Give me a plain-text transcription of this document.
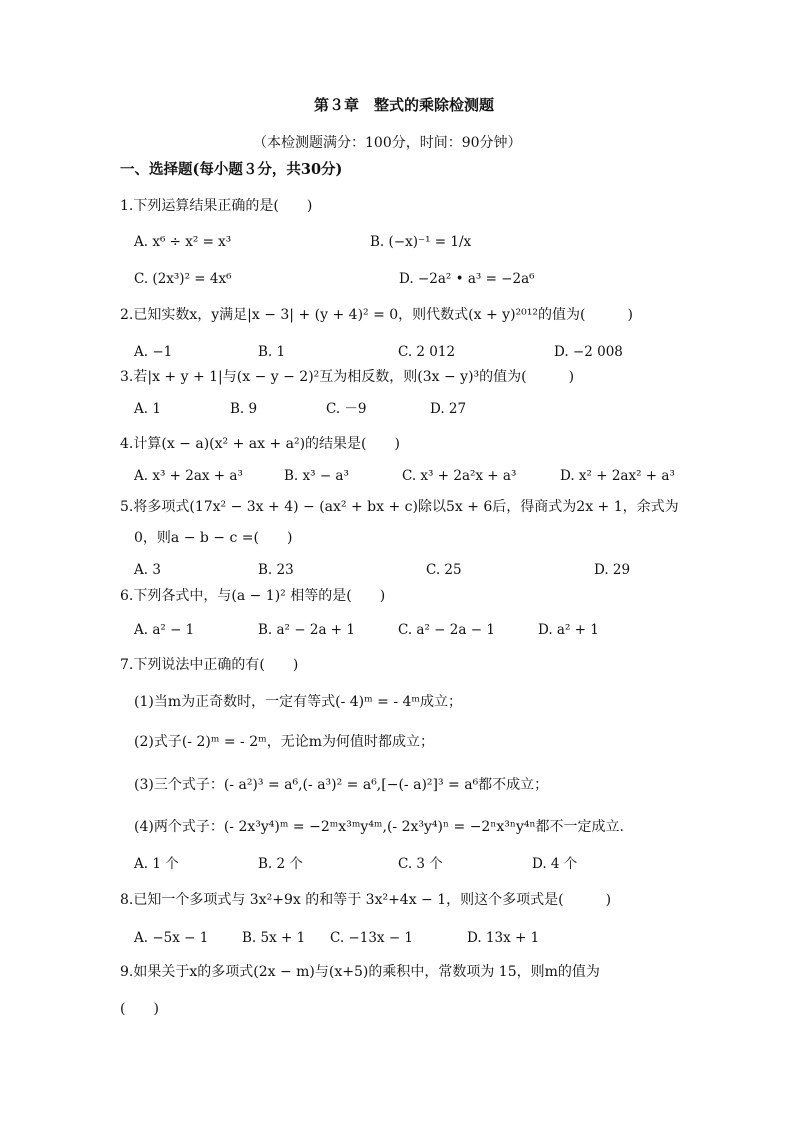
第３章　整式的乘除检测题
（本检测题满分：100分，时间：90分钟）
一、选择题(每小题３分，共30分)
1.下列运算结果正确的是(　　)
A. x⁶ ÷ x² = x³	B. (−x)⁻¹ = 1/x
C. (2x³)² = 4x⁶	D. −2a² • a³ = −2a⁶
2.已知实数x，y满足|x − 3| + (y + 4)² = 0，则代数式(x + y)²⁰¹²的值为(　　　)
A. −1	B. 1	C. 2 012	D. −2 008
3.若|x + y + 1|与(x − y − 2)²互为相反数，则(3x − y)³的值为(　　　)
A. 1	B. 9	C. －9	D. 27
4.计算(x − a)(x² + ax + a²)的结果是(　　)
A. x³ + 2ax + a³	B. x³ − a³	C. x³ + 2a²x + a³	D. x² + 2ax² + a³
5.将多项式(17x² − 3x + 4) − (ax² + bx + c)除以5x + 6后，得商式为2x + 1，余式为
0，则a − b − c =(　　)
A. 3	B. 23	C. 25	D. 29
6.下列各式中，与(a − 1)² 相等的是(　　)
A. a² − 1	B. a² − 2a + 1	C. a² − 2a − 1	D. a² + 1
7.下列说法中正确的有(　　)
(1)当m为正奇数时，一定有等式(- 4)ᵐ = - 4ᵐ成立；
(2)式子(- 2)ᵐ = - 2ᵐ，无论m为何值时都成立；
(3)三个式子：(- a²)³ = a⁶,(- a³)² = a⁶,[−(- a)²]³ = a⁶都不成立；
(4)两个式子：(- 2x³y⁴)ᵐ = −2ᵐx³ᵐy⁴ᵐ,(- 2x³y⁴)ⁿ = −2ⁿx³ⁿy⁴ⁿ都不一定成立.
A. 1 个	B. 2 个	C. 3 个	D. 4 个
8.已知一个多项式与 3x²+9x 的和等于 3x²+4x − 1，则这个多项式是(　　　)
A. −5x − 1 B. 5x + 1 C. −13x − 1	D. 13x + 1
9.如果关于x的多项式(2x − m)与(x+5)的乘积中，常数项为 15，则m的值为
(　　)
